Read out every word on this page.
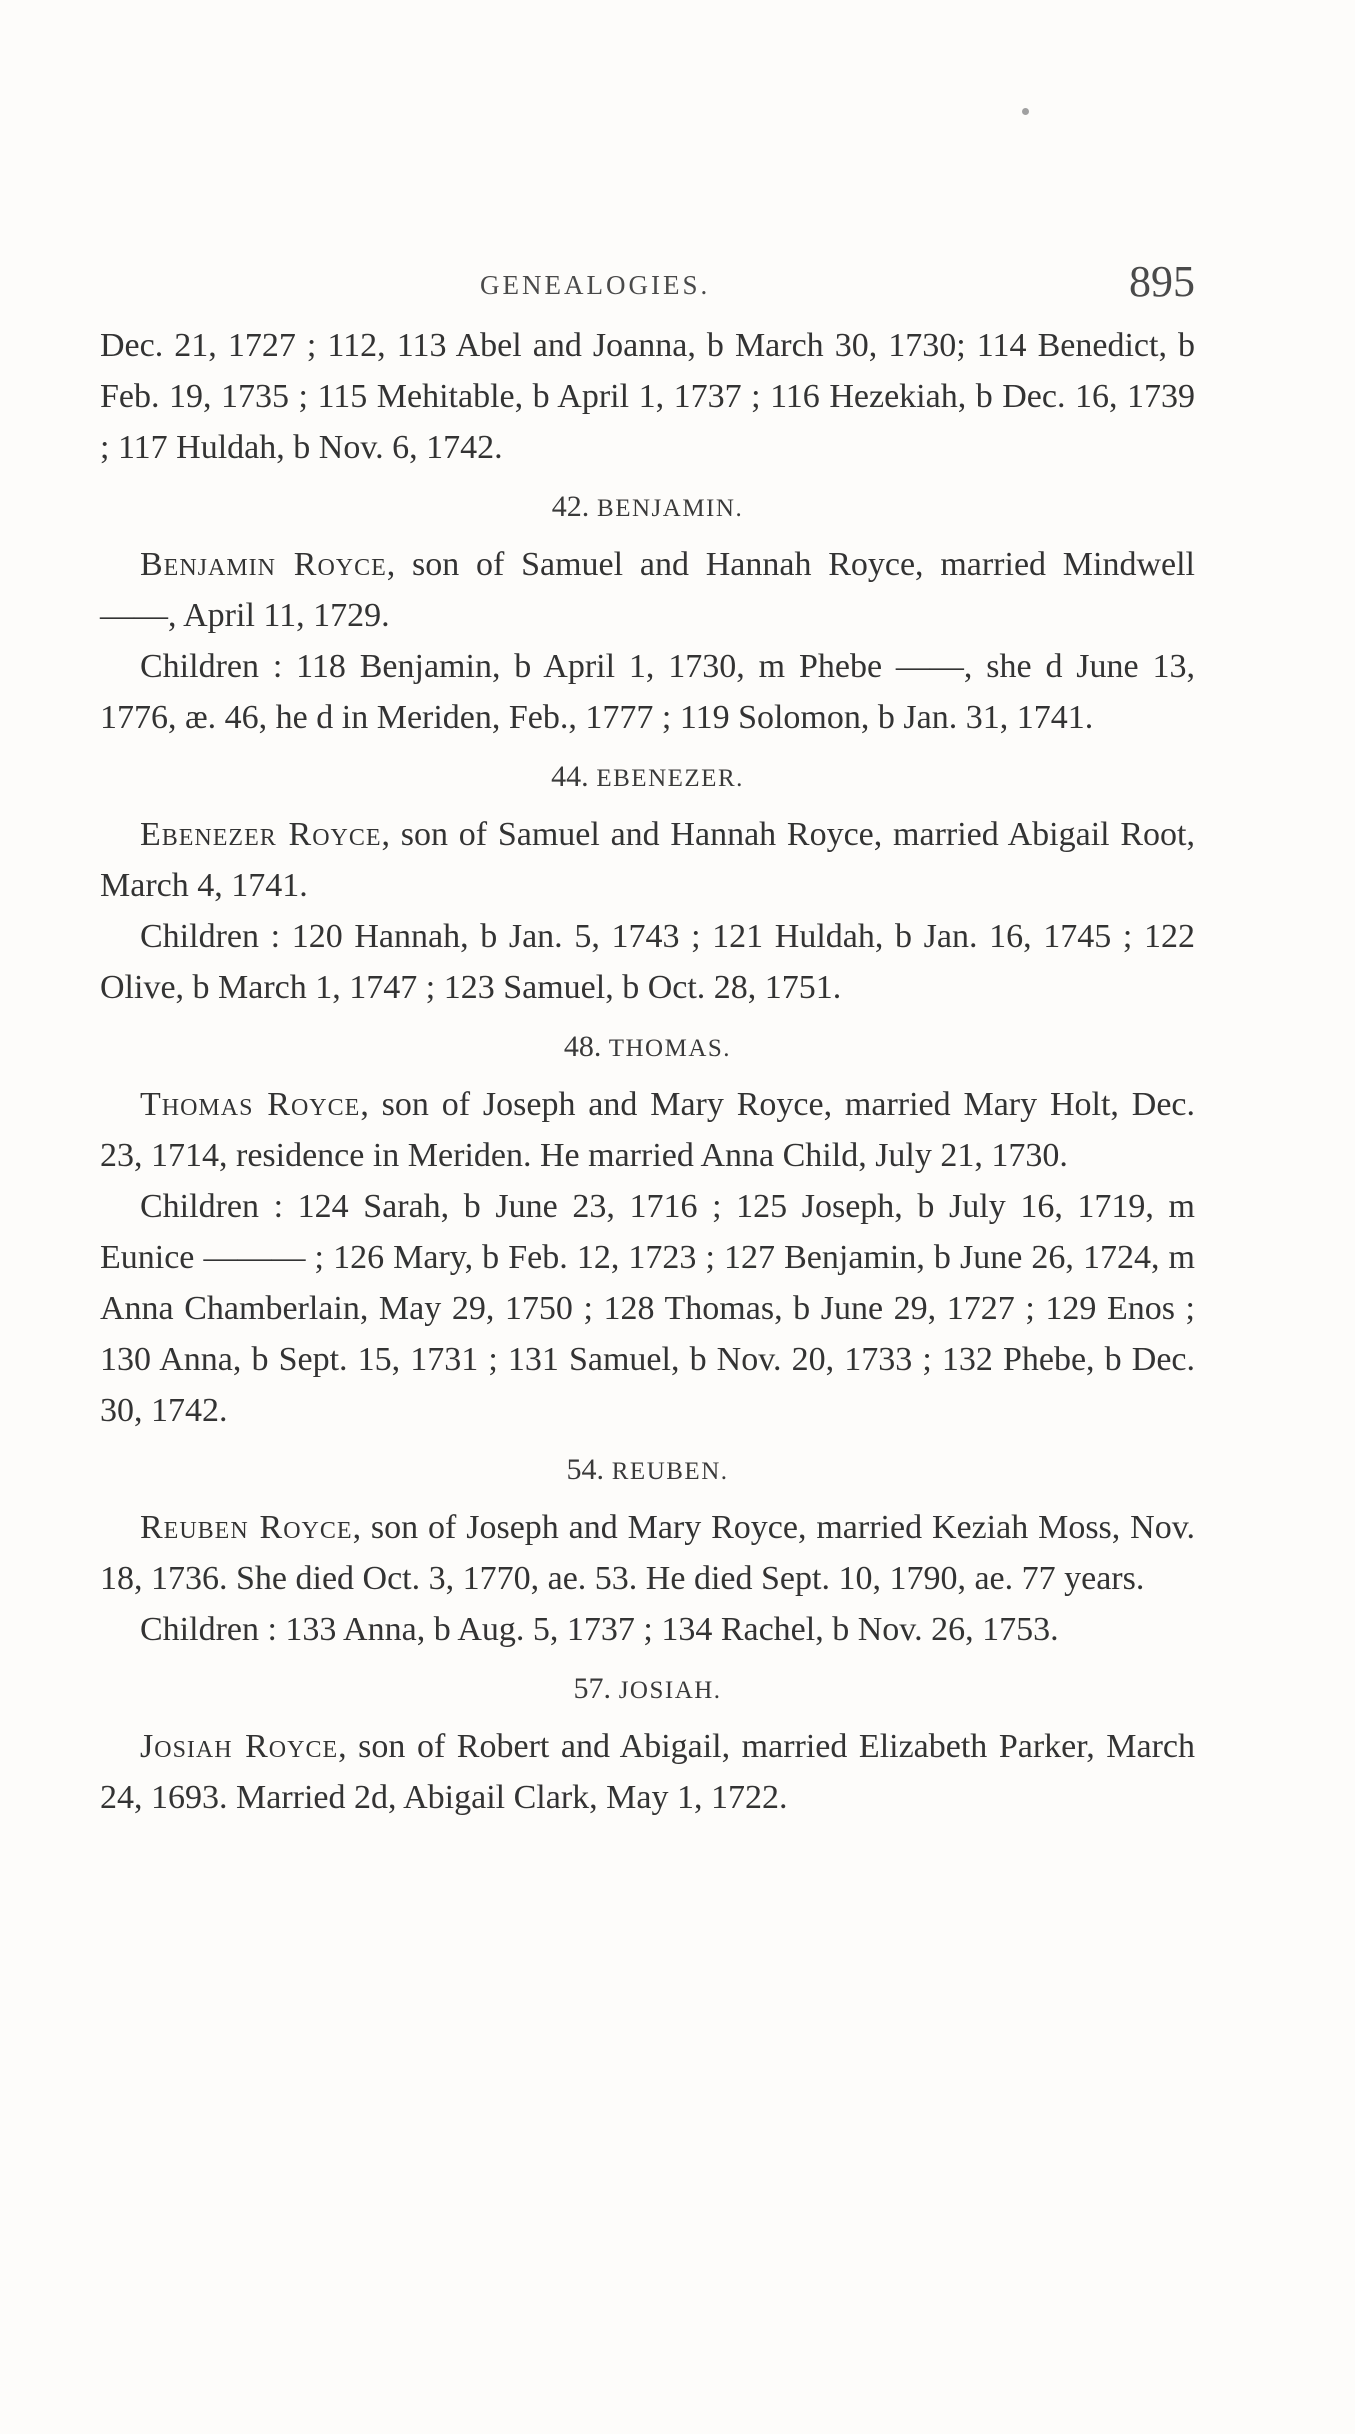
GENEALOGIES.	895

Dec. 21, 1727 ; 112, 113 Abel and Joanna, b March 30, 1730; 114 Benedict, b Feb. 19, 1735 ; 115 Mehitable, b April 1, 1737 ; 116 Hezekiah, b Dec. 16, 1739 ; 117 Huldah, b Nov. 6, 1742.

42. BENJAMIN.

Benjamin Royce, son of Samuel and Hannah Royce, married Mindwell ——, April 11, 1729.

Children : 118 Benjamin, b April 1, 1730, m Phebe ——, she d June 13, 1776, æ. 46, he d in Meriden, Feb., 1777 ; 119 Solomon, b Jan. 31, 1741.

44. EBENEZER.

Ebenezer Royce, son of Samuel and Hannah Royce, married Abigail Root, March 4, 1741.

Children : 120 Hannah, b Jan. 5, 1743 ; 121 Huldah, b Jan. 16, 1745 ; 122 Olive, b March 1, 1747 ; 123 Samuel, b Oct. 28, 1751.

48. THOMAS.

Thomas Royce, son of Joseph and Mary Royce, married Mary Holt, Dec. 23, 1714, residence in Meriden. He married Anna Child, July 21, 1730.

Children : 124 Sarah, b June 23, 1716 ; 125 Joseph, b July 16, 1719, m Eunice ——— ; 126 Mary, b Feb. 12, 1723 ; 127 Benjamin, b June 26, 1724, m Anna Chamberlain, May 29, 1750 ; 128 Thomas, b June 29, 1727 ; 129 Enos ; 130 Anna, b Sept. 15, 1731 ; 131 Samuel, b Nov. 20, 1733 ; 132 Phebe, b Dec. 30, 1742.

54. REUBEN.

Reuben Royce, son of Joseph and Mary Royce, married Keziah Moss, Nov. 18, 1736. She died Oct. 3, 1770, ae. 53. He died Sept. 10, 1790, ae. 77 years.

Children : 133 Anna, b Aug. 5, 1737 ; 134 Rachel, b Nov. 26, 1753.

57. JOSIAH.

Josiah Royce, son of Robert and Abigail, married Elizabeth Parker, March 24, 1693. Married 2d, Abigail Clark, May 1, 1722.
